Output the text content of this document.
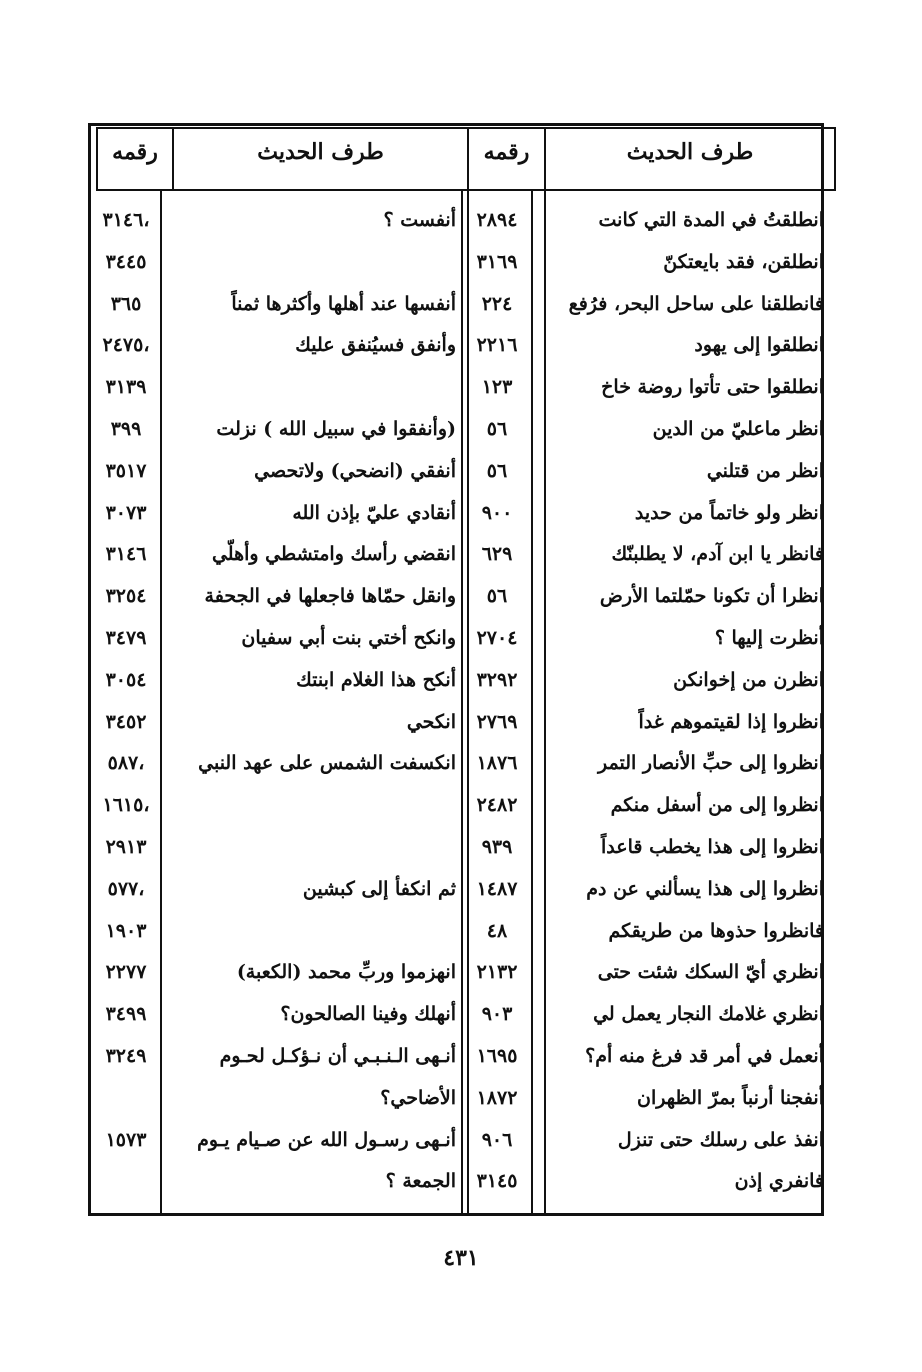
طرف الحديث
رقمه
طرف الحديث
رقمه
انطلقتُ في المدة التي كانت
٢٨٩٤
انطلقن، فقد بايعتكنّ
٣١٦٩
فانطلقنا على ساحل البحر، فرُفع
٢٢٤
انطلقوا إلى يهود
٢٢١٦
انطلقوا حتى تأتوا روضة خاخ
١٢٣
انظر ماعليّ من الدين
٥٦
انظر من قتلني
٥٦
انظر ولو خاتماً من حديد
٩٠٠
فانظر يا ابن آدم، لا يطلبنّك
٦٢٩
انظرا أن تكونا حمّلتما الأرض
٥٦
أنظرت إليها ؟
٢٧٠٤
انظرن من إخوانكن
٣٢٩٢
انظروا إذا لقيتموهم غداً
٢٧٦٩
انظروا إلى حبِّ الأنصار التمر
١٨٧٦
انظروا إلى من أسفل منكم
٢٤٨٢
انظروا إلى هذا يخطب قاعداً
٩٣٩
انظروا إلى هذا يسألني عن دم
١٤٨٧
فانظروا حذوها من طريقكم
٤٨
انظري أيّ السكك شئت حتى
٢١٣٢
انظري غلامك النجار يعمل لي
٩٠٣
أنعمل في أمر قد فرغ منه أم؟
١٦٩٥
أنفجنا أرنباً بمرّ الظهران
١٨٧٢
انفذ على رسلك حتى تنزل
٩٠٦
فانفري إذن
٣١٤٥
أنفست ؟
،٣١٤٦
٣٤٤٥
أنفسها عند أهلها وأكثرها ثمناً
٣٦٥
وأنفق فسيُنفق عليك
،٢٤٧٥
٣١٣٩
(وأنفقوا في سبيل الله ) نزلت
٣٩٩
أنفقي (انضحي) ولاتحصي
٣٥١٧
أنقادي عليّ بإذن الله
٣٠٧٣
انقضي رأسك وامتشطي وأهلّي
٣١٤٦
وانقل حمّاها فاجعلها في الجحفة
٣٢٥٤
وانكح أختي بنت أبي سفيان
٣٤٧٩
أنكح هذا الغلام ابنتك
٣٠٥٤
انكحي
٣٤٥٢
انكسفت الشمس على عهد النبي
،٥٨٧
،١٦١٥
٢٩١٣
ثم انكفأ إلى كبشين
،٥٧٧
١٩٠٣
انهزموا وربِّ محمد (الكعبة)
٢٢٧٧
أنهلك وفينا الصالحون؟
٣٤٩٩
أنـهى الـنـبـي أن نـؤكـل لحـوم
٣٢٤٩
الأضاحي؟
أنـهى رسـول الله عن صـيام يـوم
١٥٧٣
الجمعة ؟
٤٣١
